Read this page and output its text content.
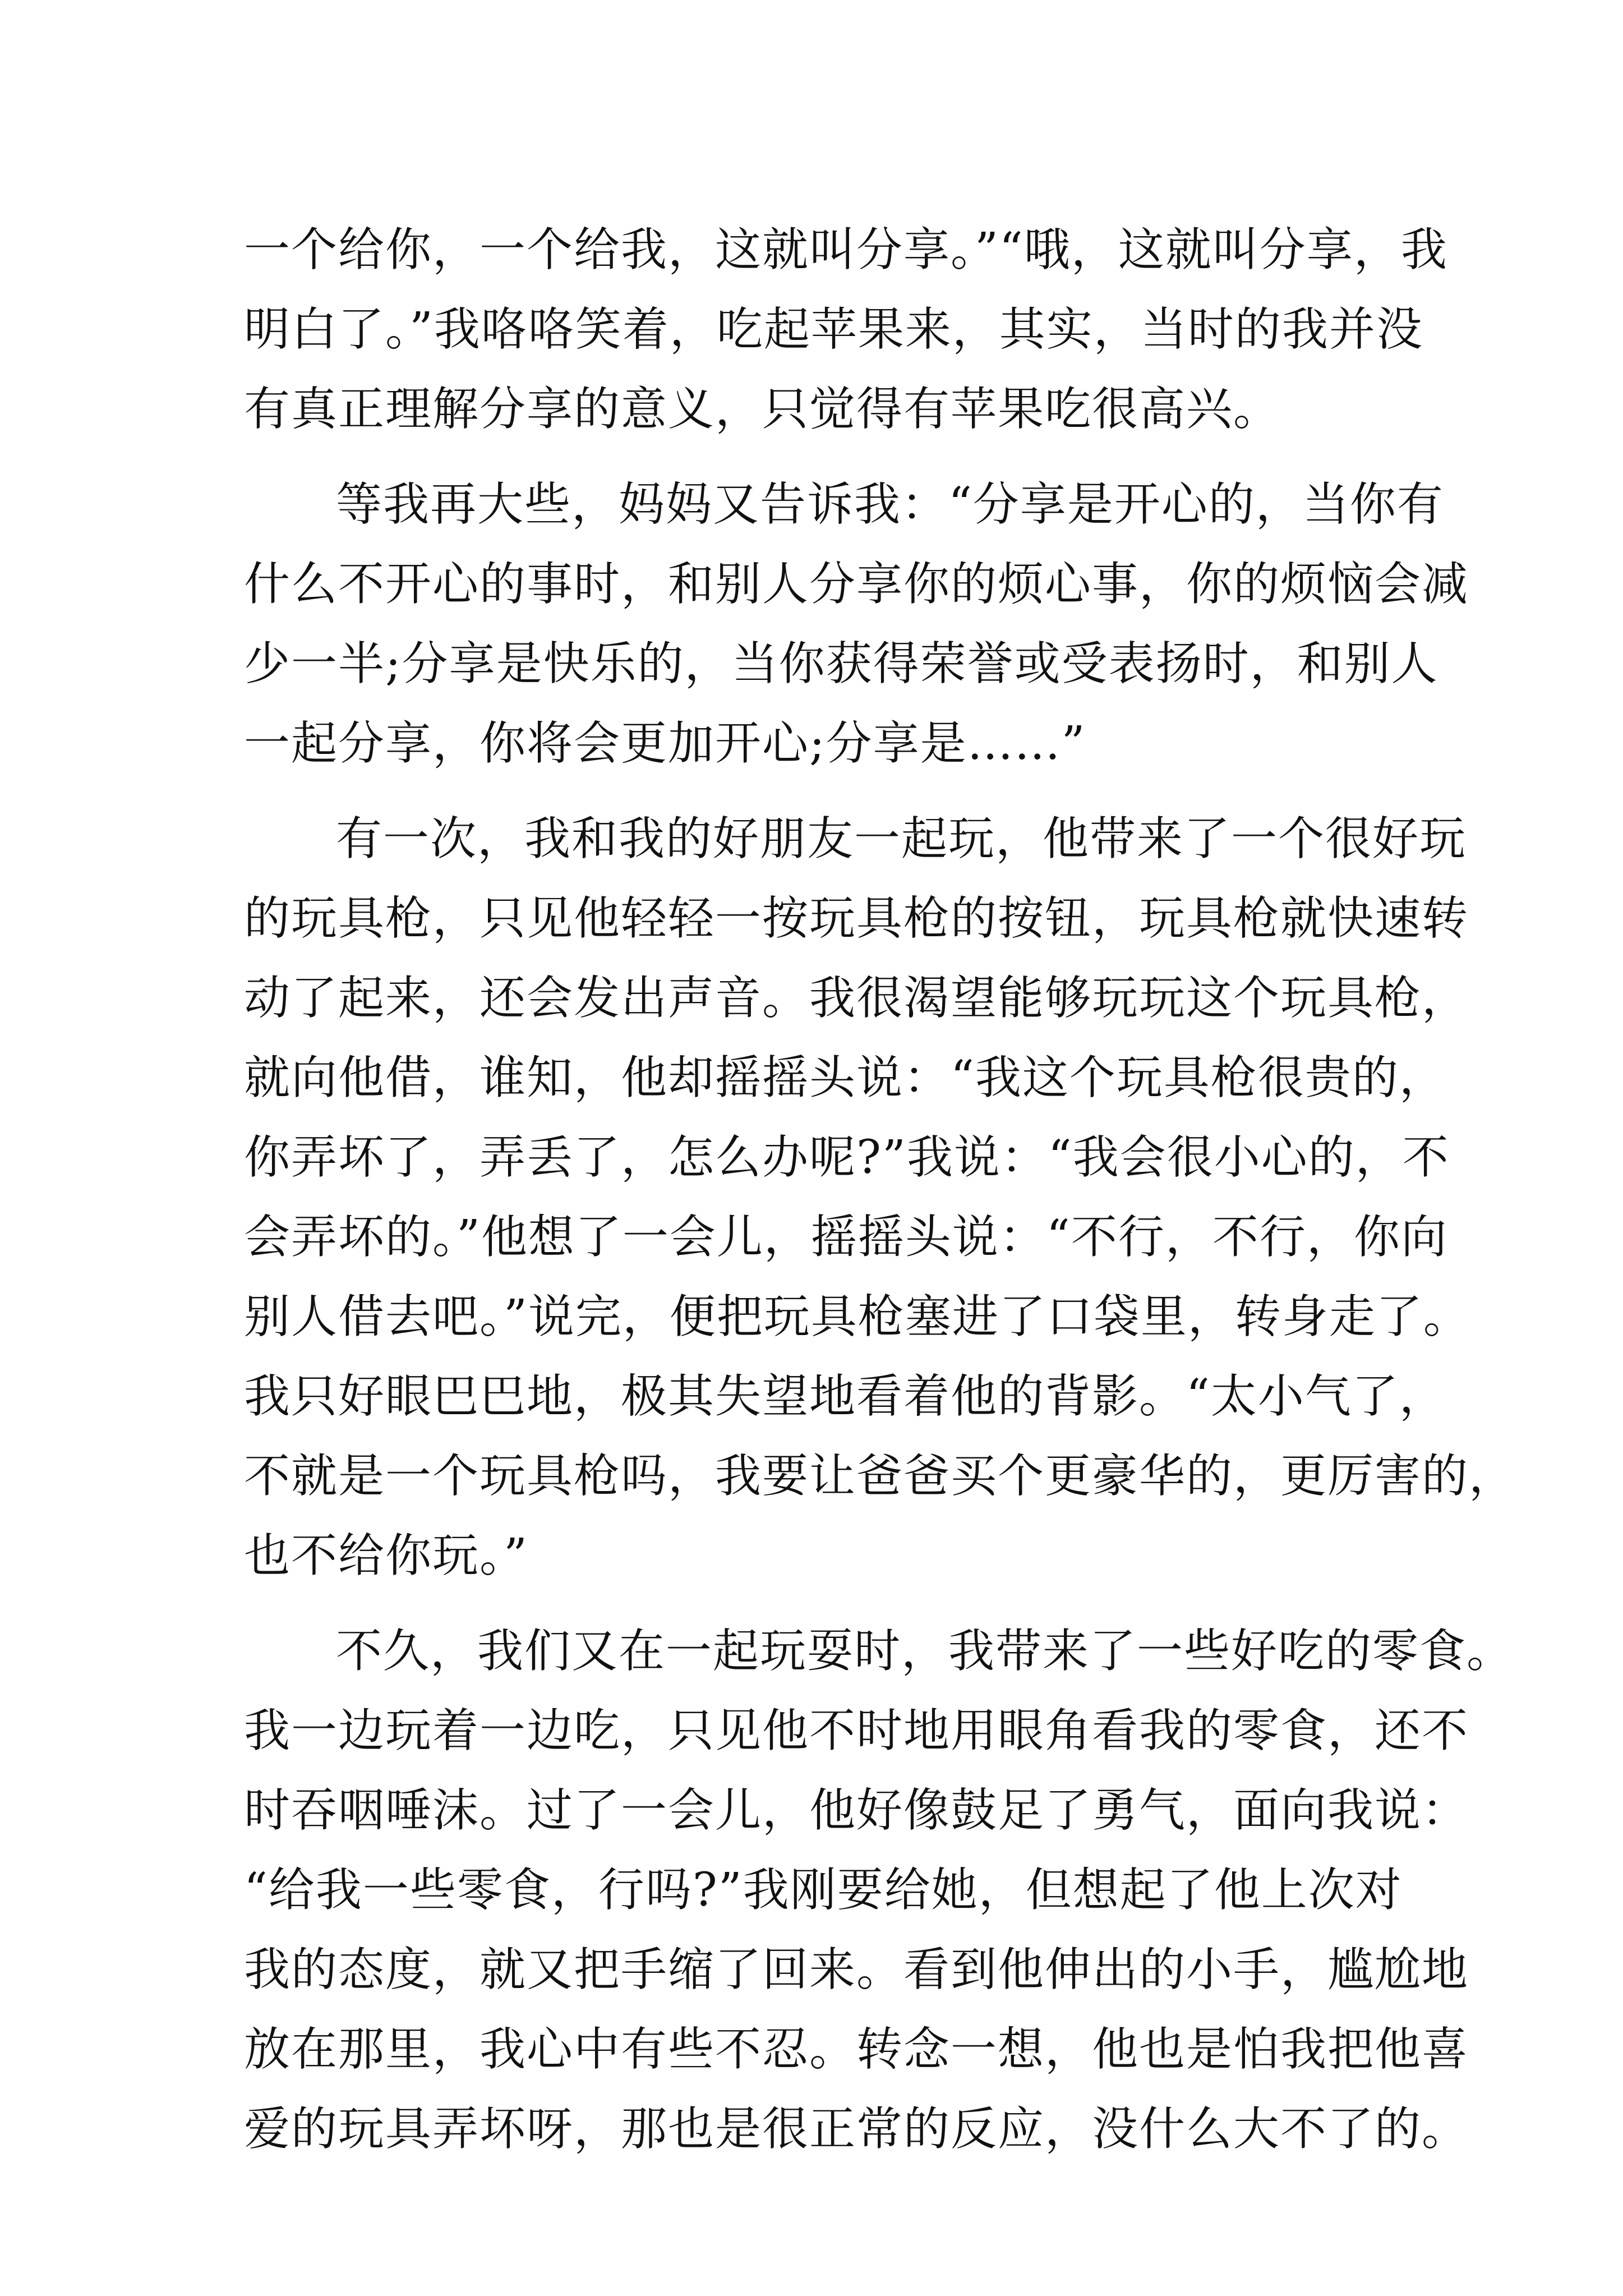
一个给你，一个给我，这就叫分享。”“哦，这就叫分享，我
明白了。”我咯咯笑着，吃起苹果来，其实，当时的我并没
有真正理解分享的意义，只觉得有苹果吃很高兴。
等我再大些，妈妈又告诉我：“分享是开心的，当你有
什么不开心的事时，和别人分享你的烦心事，你的烦恼会减
少一半;分享是快乐的，当你获得荣誉或受表扬时，和别人
一起分享，你将会更加开心;分享是……”
有一次，我和我的好朋友一起玩，他带来了一个很好玩
的玩具枪，只见他轻轻一按玩具枪的按钮，玩具枪就快速转
动了起来，还会发出声音。我很渴望能够玩玩这个玩具枪，
就向他借，谁知，他却摇摇头说：“我这个玩具枪很贵的，
你弄坏了，弄丢了，怎么办呢?”我说：“我会很小心的，不
会弄坏的。”他想了一会儿，摇摇头说：“不行，不行，你向
别人借去吧。”说完，便把玩具枪塞进了口袋里，转身走了。
我只好眼巴巴地，极其失望地看着他的背影。“太小气了，
不就是一个玩具枪吗，我要让爸爸买个更豪华的，更厉害的，
也不给你玩。”
不久，我们又在一起玩耍时，我带来了一些好吃的零食。
我一边玩着一边吃，只见他不时地用眼角看我的零食，还不
时吞咽唾沫。过了一会儿，他好像鼓足了勇气，面向我说：
“给我一些零食，行吗?”我刚要给她，但想起了他上次对
我的态度，就又把手缩了回来。看到他伸出的小手，尴尬地
放在那里，我心中有些不忍。转念一想，他也是怕我把他喜
爱的玩具弄坏呀，那也是很正常的反应，没什么大不了的。
